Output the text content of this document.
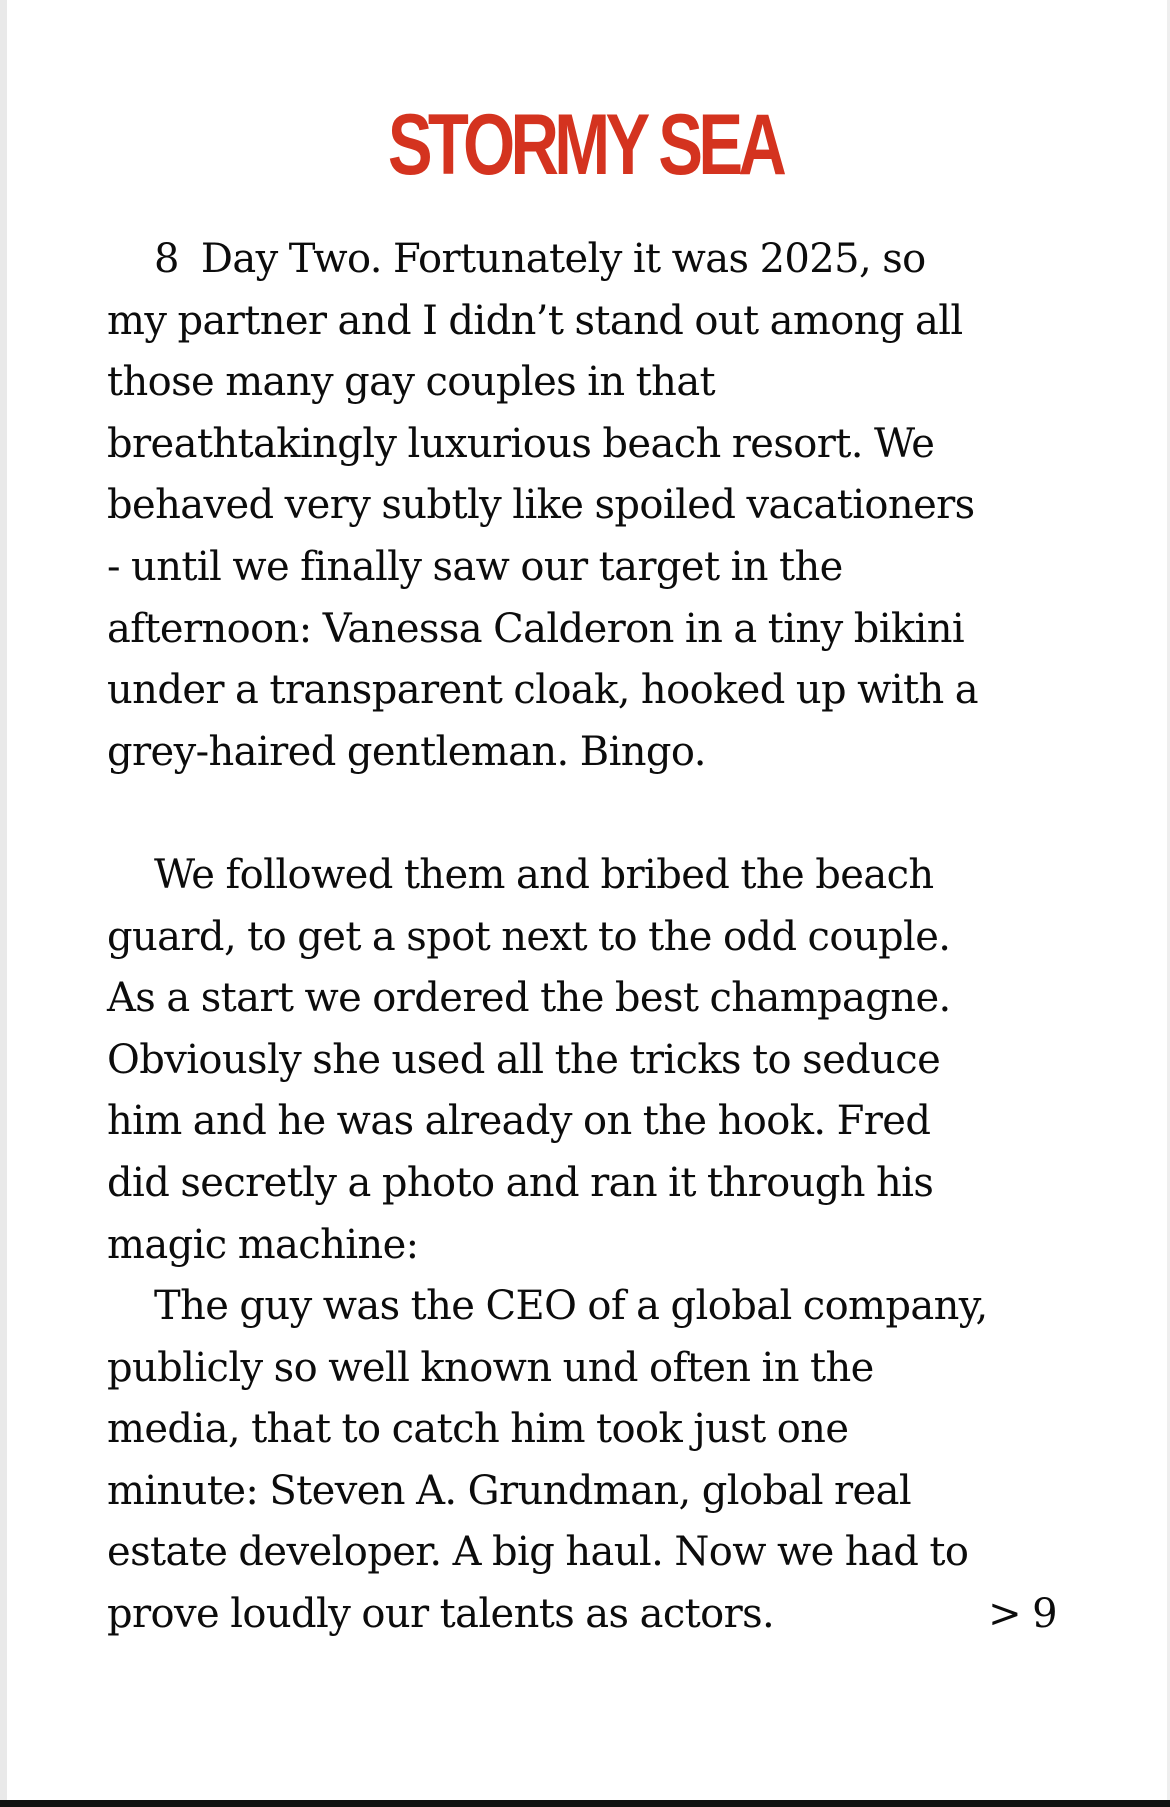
STORMY SEA
8 Day Two. Fortunately it was 2025, so
my partner and I didn’t stand out among all
those many gay couples in that
breathtakingly luxurious beach resort. We
behaved very subtly like spoiled vacationers
- until we finally saw our target in the
afternoon: Vanessa Calderon in a tiny bikini
under a transparent cloak, hooked up with a
grey-haired gentleman. Bingo.
We followed them and bribed the beach
guard, to get a spot next to the odd couple.
As a start we ordered the best champagne.
Obviously she used all the tricks to seduce
him and he was already on the hook. Fred
did secretly a photo and ran it through his
magic machine:
The guy was the CEO of a global company,
publicly so well known und often in the
media, that to catch him took just one
minute: Steven A. Grundman, global real
estate developer. A big haul. Now we had to
prove loudly our talents as actors.	> 9
